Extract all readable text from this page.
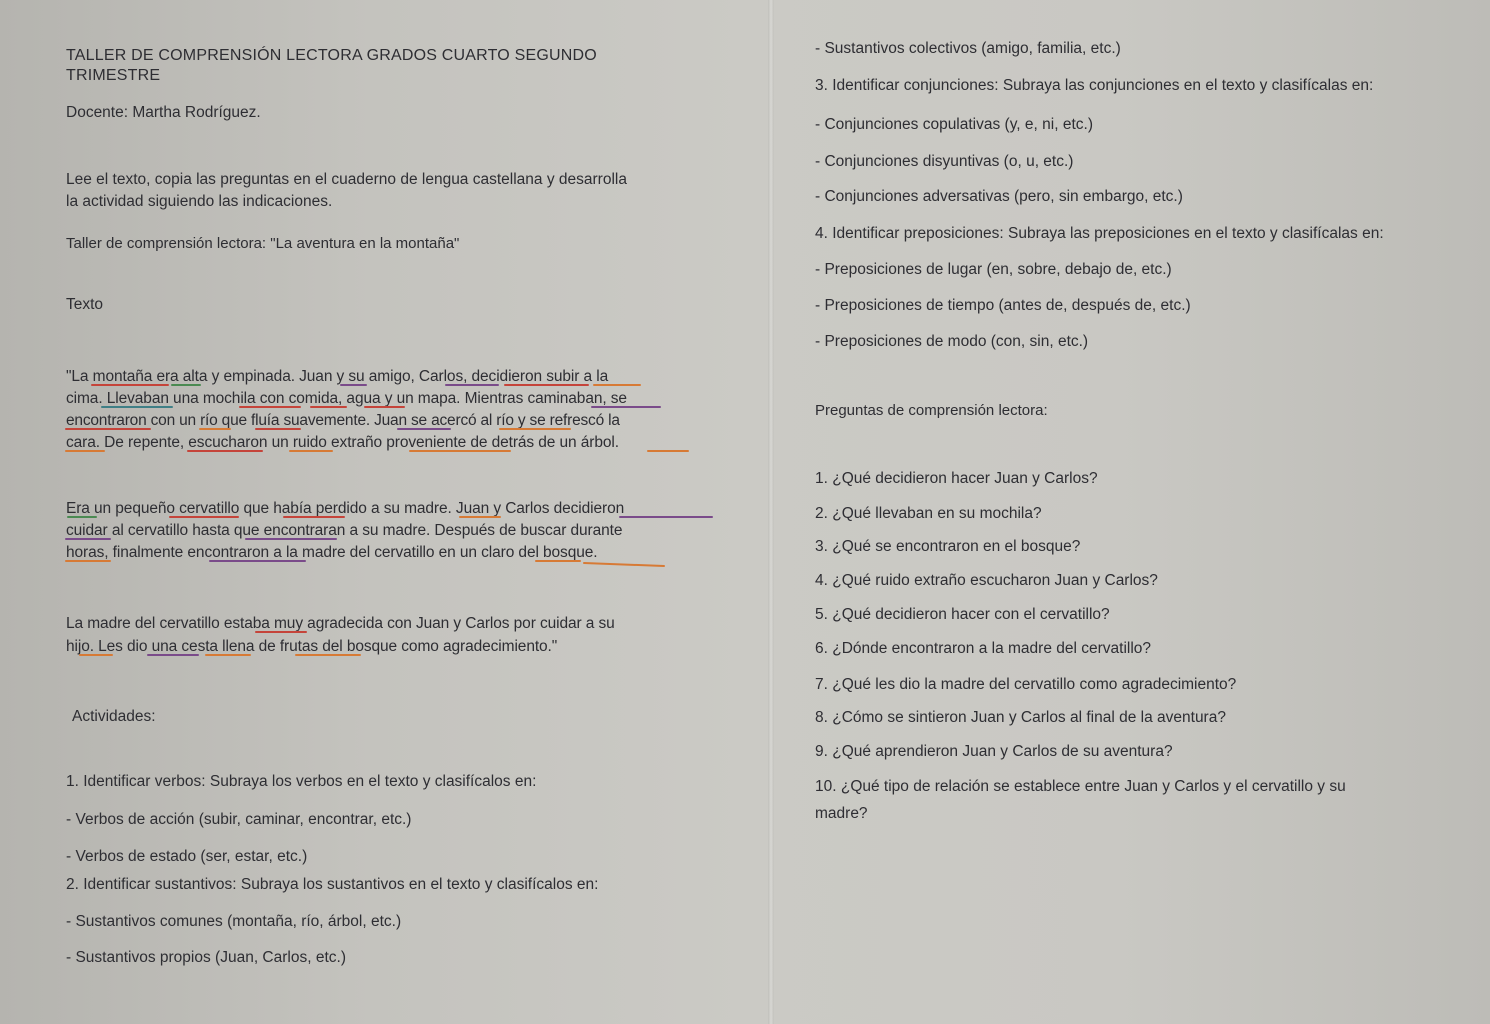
TALLER DE COMPRENSIÓN LECTORA GRADOS CUARTO SEGUNDO

TRIMESTRE

Docente: Martha Rodríguez.

Lee el texto, copia las preguntas en el cuaderno de lengua castellana y desarrolla

la actividad siguiendo las indicaciones.

Taller de comprensión lectora: "La aventura en la montaña"

Texto

"La montaña era alta y empinada. Juan y su amigo, Carlos, decidieron subir a la

cima. Llevaban una mochila con comida, agua y un mapa. Mientras caminaban, se

encontraron con un río que fluía suavemente. Juan se acercó al río y se refrescó la

cara. De repente, escucharon un ruido extraño proveniente de detrás de un árbol.

Era un pequeño cervatillo que había perdido a su madre. Juan y Carlos decidieron

cuidar al cervatillo hasta que encontraran a su madre. Después de buscar durante

horas, finalmente encontraron a la madre del cervatillo en un claro del bosque.

La madre del cervatillo estaba muy agradecida con Juan y Carlos por cuidar a su

hijo. Les dio una cesta llena de frutas del bosque como agradecimiento."

Actividades:

1. Identificar verbos: Subraya los verbos en el texto y clasifícalos en:

- Verbos de acción (subir, caminar, encontrar, etc.)

- Verbos de estado (ser, estar, etc.)

2. Identificar sustantivos: Subraya los sustantivos en el texto y clasifícalos en:

- Sustantivos comunes (montaña, río, árbol, etc.)

- Sustantivos propios (Juan, Carlos, etc.)

- Sustantivos colectivos (amigo, familia, etc.)

3. Identificar conjunciones: Subraya las conjunciones en el texto y clasifícalas en:

- Conjunciones copulativas (y, e, ni, etc.)

- Conjunciones disyuntivas (o, u, etc.)

- Conjunciones adversativas (pero, sin embargo, etc.)

4. Identificar preposiciones: Subraya las preposiciones en el texto y clasifícalas en:

- Preposiciones de lugar (en, sobre, debajo de, etc.)

- Preposiciones de tiempo (antes de, después de, etc.)

- Preposiciones de modo (con, sin, etc.)

Preguntas de comprensión lectora:

1. ¿Qué decidieron hacer Juan y Carlos?

2. ¿Qué llevaban en su mochila?

3. ¿Qué se encontraron en el bosque?

4. ¿Qué ruido extraño escucharon Juan y Carlos?

5. ¿Qué decidieron hacer con el cervatillo?

6. ¿Dónde encontraron a la madre del cervatillo?

7. ¿Qué les dio la madre del cervatillo como agradecimiento?

8. ¿Cómo se sintieron Juan y Carlos al final de la aventura?

9. ¿Qué aprendieron Juan y Carlos de su aventura?

10. ¿Qué tipo de relación se establece entre Juan y Carlos y el cervatillo y su

madre?
